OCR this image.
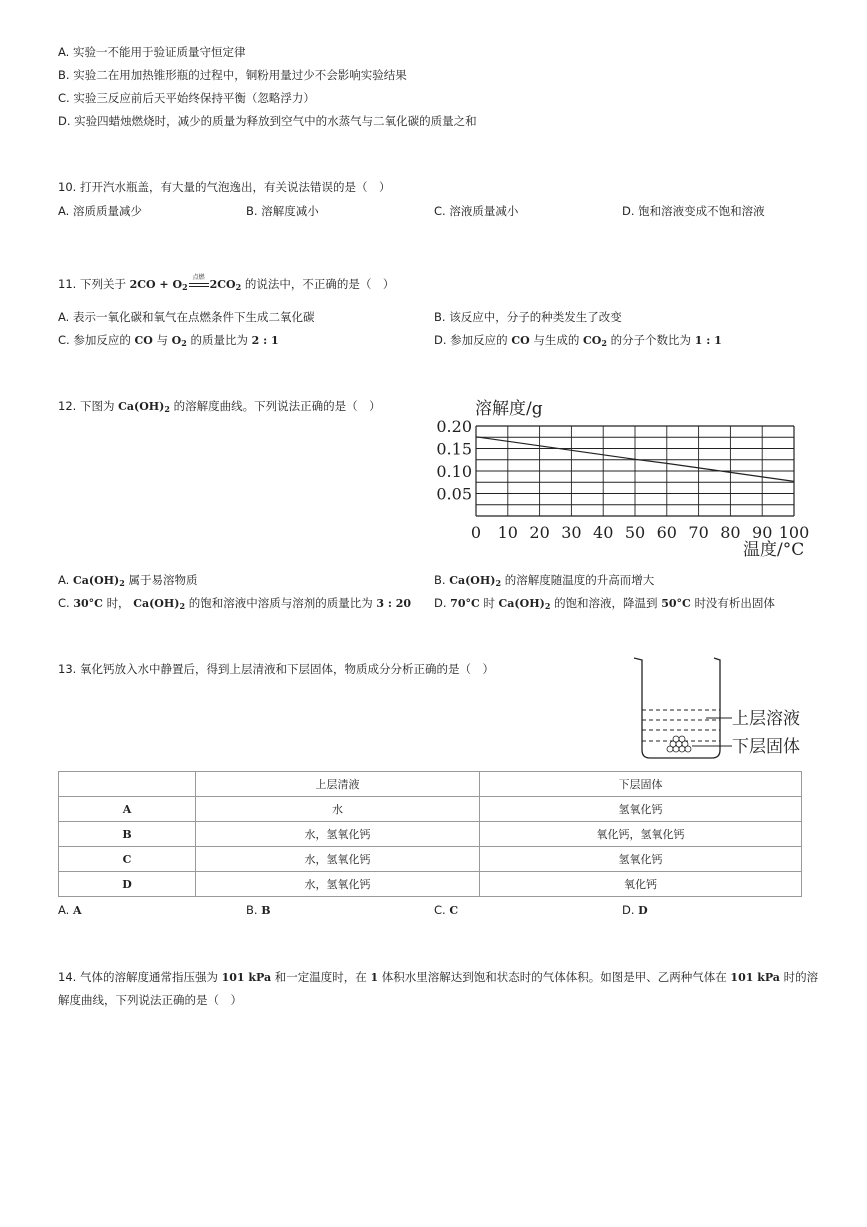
A. 实验一不能用于验证质量守恒定律
B. 实验二在用加热锥形瓶的过程中，铜粉用量过少不会影响实验结果
C. 实验三反应前后天平始终保持平衡（忽略浮力）
D. 实验四蜡烛燃烧时，减少的质量为释放到空气中的水蒸气与二氧化碳的质量之和
10. 打开汽水瓶盖，有大量的气泡逸出，有关说法错误的是（　）
A. 溶质质量减少	B. 溶解度减小	C. 溶液质量减小	D. 饱和溶液变成不饱和溶液
11. 下列关于 $2CO + O_2$
点燃
$2CO_2$ 的说法中，不正确的是（　）
A. 表示一氧化碳和氧气在点燃条件下生成二氧化碳	B. 该反应中，分子的种类发生了改变
C. 参加反应的 CO 与 $O_2$ 的质量比为 2 : 1	D. 参加反应的 CO 与生成的 $CO_2$ 的分子个数比为 1 : 1
12. 下图为 $Ca(OH)_2$ 的溶解度曲线。下列说法正确的是（　）
0.20
0.15
0.10
0.05
0 10 20 30 40 50 60 70 80 90 100
溶解度/g
温度/°C
A. $Ca(OH)_2$ 属于易溶物质	B. $Ca(OH)_2$ 的溶解度随温度的升高而增大
C. 30°C 时， $Ca(OH)_2$ 的饱和溶液中溶质与溶剂的质量比为 3 : 20 D. 70°C 时 $Ca(OH)_2$ 的饱和溶液，降温到 50°C 时没有析出固体
13. 氧化钙放入水中静置后，得到上层清液和下层固体，物质成分分析正确的是（　）
上层溶液
下层固体
	上层清液	下层固体
A	水	氢氧化钙
B	水，氢氧化钙	氧化钙，氢氧化钙
C	水，氢氧化钙	氢氧化钙
D	水，氢氧化钙	氧化钙
A. A	B. B	C. C	D. D
14. 气体的溶解度通常指压强为 101 kPa 和一定温度时，在 1 体积水里溶解达到饱和状态时的气体体积。如图是甲、乙两种气体在 101 kPa 时的溶
解度曲线，下列说法正确的是（　）
